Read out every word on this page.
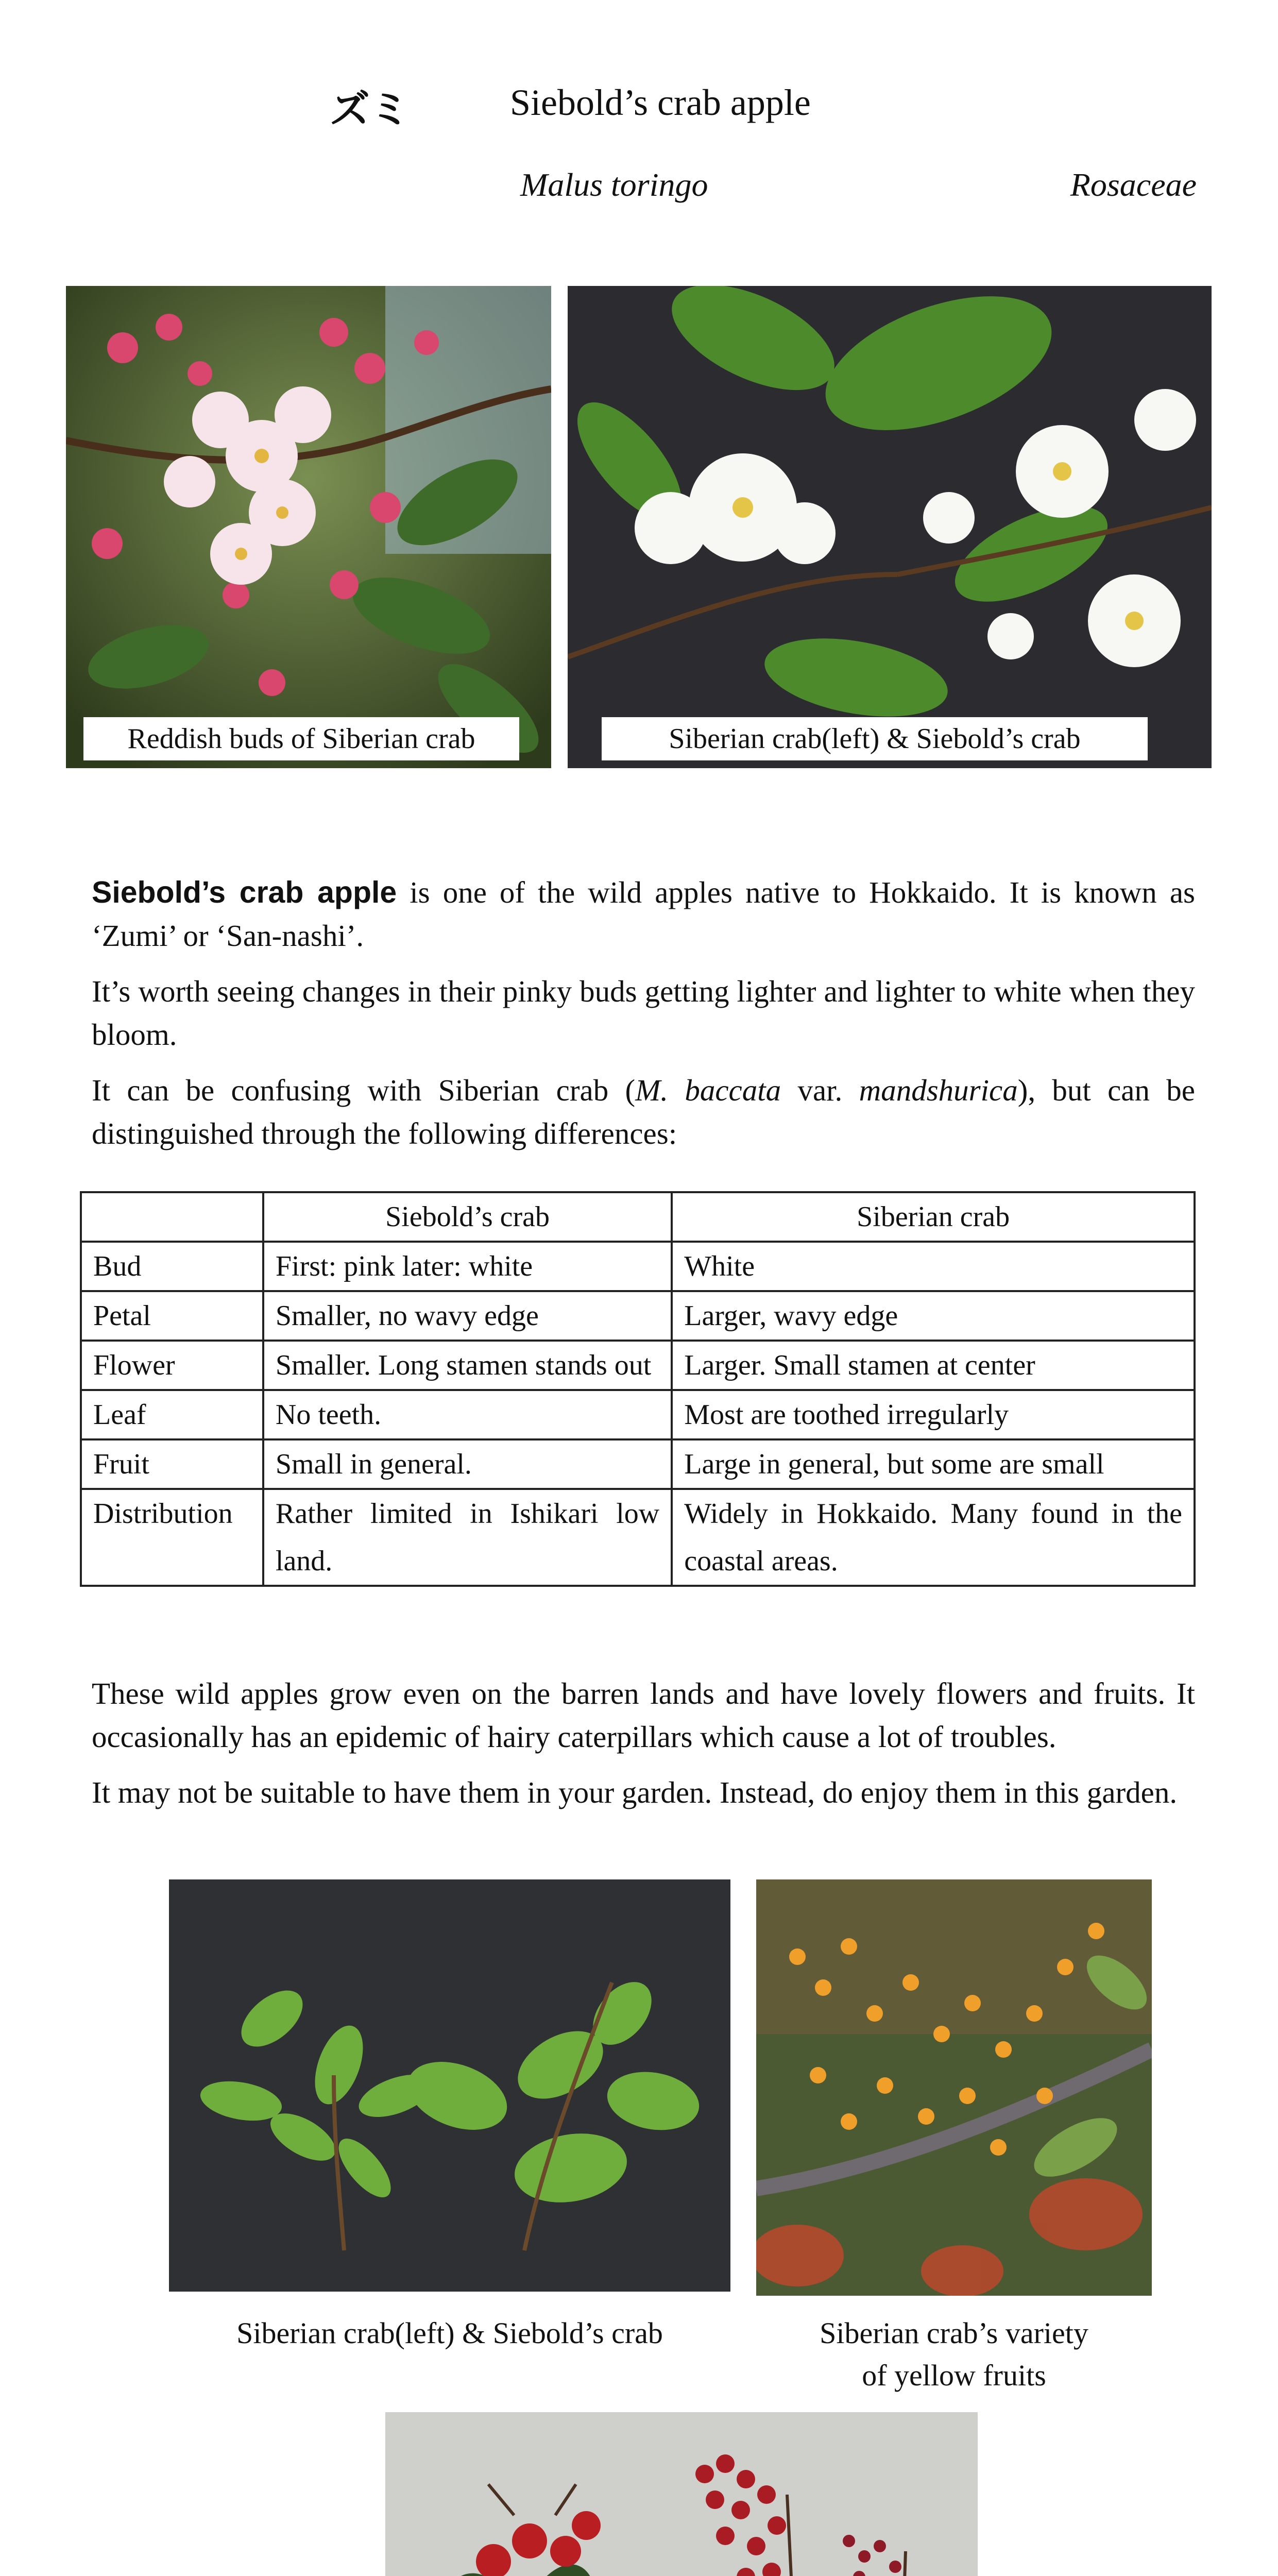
ズミ	Siebold’s crab apple
Malus toringo	Rosaceae
Reddish buds of Siberian crab	Siberian crab(left) & Siebold’s crab

Siebold’s crab apple is one of the wild apples native to Hokkaido. It is known as ‘Zumi’ or ‘San-nashi’.

It’s worth seeing changes in their pinky buds getting lighter and lighter to white when they bloom.

It can be confusing with Siberian crab (M. baccata var. mandshurica), but can be distinguished through the following differences:

	Siebold’s crab	Siberian crab
Bud	First: pink later: white	White
Petal	Smaller, no wavy edge	Larger, wavy edge
Flower	Smaller. Long stamen stands out	Larger. Small stamen at center
Leaf	No teeth.	Most are toothed irregularly
Fruit	Small in general.	Large in general, but some are small
Distribution	Rather limited in Ishikari low land.	Widely in Hokkaido. Many found in the coastal areas.

These wild apples grow even on the barren lands and have lovely flowers and fruits. It occasionally has an epidemic of hairy caterpillars which cause a lot of troubles.

It may not be suitable to have them in your garden. Instead, do enjoy them in this garden.

Siberian crab(left) & Siebold’s crab	Siberian crab’s variety
of yellow fruits
